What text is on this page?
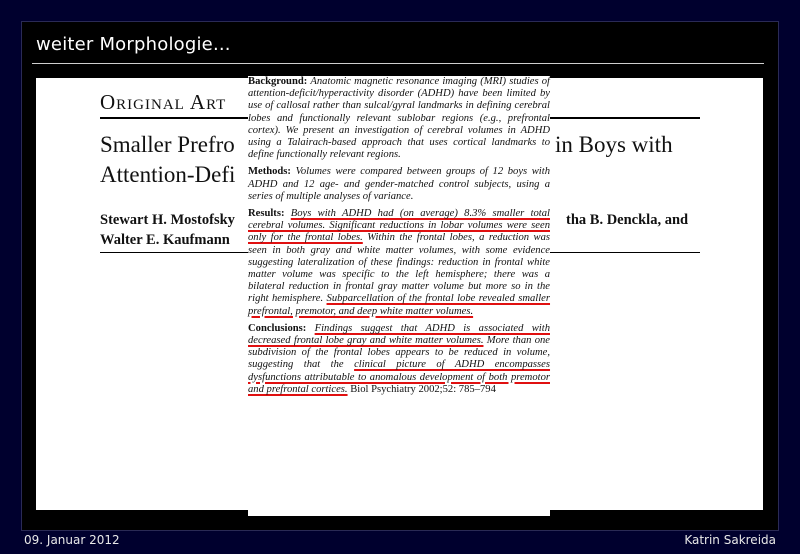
weiter Morphologie...
Original Art
Smaller Prefro	in Boys with
Attention-Defi
Stewart H. Mostofsky	tha B. Denckla, and
Walter E. Kaufmann

Background: Anatomic magnetic resonance imaging (MRI) studies of attention-deficit/hyperactivity disorder (ADHD) have been limited by use of callosal rather than sulcal/gyral landmarks in defining cerebral lobes and functionally relevant sublobar regions (e.g., prefrontal cortex). We present an investigation of cerebral volumes in ADHD using a Talairach-based approach that uses cortical landmarks to define functionally relevant regions.

Methods: Volumes were compared between groups of 12 boys with ADHD and 12 age- and gender-matched control subjects, using a series of multiple analyses of variance.

Results: Boys with ADHD had (on average) 8.3% smaller total cerebral volumes. Significant reductions in lobar volumes were seen only for the frontal lobes. Within the frontal lobes, a reduction was seen in both gray and white matter volumes, with some evidence suggesting lateralization of these findings: reduction in frontal white matter volume was specific to the left hemisphere; there was a bilateral reduction in frontal gray matter volume but more so in the right hemisphere. Subparcellation of the frontal lobe revealed smaller prefrontal, premotor, and deep white matter volumes.

Conclusions: Findings suggest that ADHD is associated with decreased frontal lobe gray and white matter volumes. More than one subdivision of the frontal lobes appears to be reduced in volume, suggesting that the clinical picture of ADHD encompasses dysfunctions attributable to anomalous development of both premotor and prefrontal cortices. Biol Psychiatry 2002;52: 785–794

09. Januar 2012	Katrin Sakreida
